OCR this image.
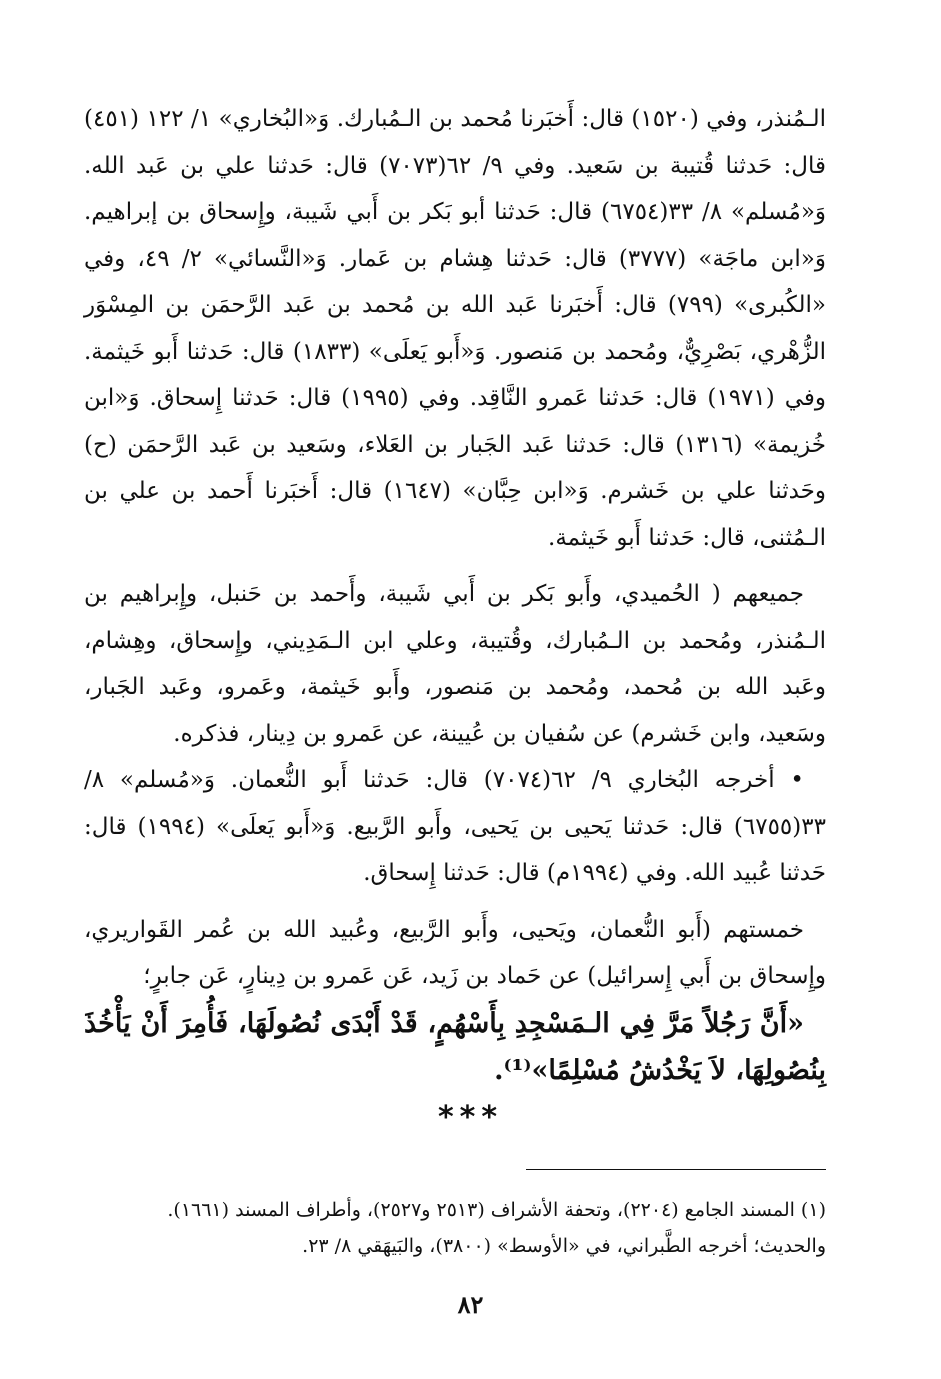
الـمُنذر، وفي (١٥٢٠) قال: أَخبَرنا مُحمد بن الـمُبارك. وَ«البُخاري» ١/ ١٢٢ (٤٥١) قال: حَدثنا قُتيبة بن سَعيد. وفي ٩/ ٦٢(٧٠٧٣) قال: حَدثنا علي بن عَبد الله. وَ«مُسلم» ٨/ ٣٣(٦٧٥٤) قال: حَدثنا أبو بَكر بن أَبي شَيبة، وإِسحاق بن إبراهيم. وَ«ابن ماجَة» (٣٧٧٧) قال: حَدثنا هِشام بن عَمار. وَ«النَّسائي» ٢/ ٤٩، وفي «الكُبرى» (٧٩٩) قال: أَخبَرنا عَبد الله بن مُحمد بن عَبد الرَّحمَن بن المِسْوَر الزُّهْري، بَصْرِيٌّ، ومُحمد بن مَنصور. وَ«أَبو يَعلَى» (١٨٣٣) قال: حَدثنا أَبو خَيثمة. وفي (١٩٧١) قال: حَدثنا عَمرو النَّاقِد. وفي (١٩٩٥) قال: حَدثنا إِسحاق. وَ«ابن خُزيمة» (١٣١٦) قال: حَدثنا عَبد الجَبار بن العَلاء، وسَعيد بن عَبد الرَّحمَن (ح) وحَدثنا علي بن خَشرم. وَ«ابن حِبَّان» (١٦٤٧) قال: أَخبَرنا أَحمد بن علي بن الـمُثنى، قال: حَدثنا أَبو خَيثمة.

جميعهم ( الحُميدي، وأَبو بَكر بن أَبي شَيبة، وأَحمد بن حَنبل، وإِبراهيم بن الـمُنذر، ومُحمد بن الـمُبارك، وقُتيبة، وعلي ابن الـمَدِيني، وإِسحاق، وهِشام، وعَبد الله بن مُحمد، ومُحمد بن مَنصور، وأَبو خَيثمة، وعَمرو، وعَبد الجَبار، وسَعيد، وابن خَشرم) عن سُفيان بن عُيينة، عن عَمرو بن دِينار، فذكره.

• أخرجه البُخاري ٩/ ٦٢(٧٠٧٤) قال: حَدثنا أَبو النُّعمان. وَ«مُسلم» ٨/ ٣٣(٦٧٥٥) قال: حَدثنا يَحيى بن يَحيى، وأَبو الرَّبيع. وَ«أَبو يَعلَى» (١٩٩٤) قال: حَدثنا عُبيد الله. وفي (١٩٩٤م) قال: حَدثنا إِسحاق.

خمستهم (أَبو النُّعمان، ويَحيى، وأَبو الرَّبيع، وعُبيد الله بن عُمر القَواريري، وإِسحاق بن أَبي إِسرائيل) عن حَماد بن زَيد، عَن عَمرو بن دِينارٍ، عَن جابرٍ؛

«أَنَّ رَجُلاً مَرَّ فِي الـمَسْجِدِ بِأَسْهُمٍ، قَدْ أَبْدَى نُصُولَهَا، فَأُمِرَ أَنْ يَأْخُذَ بِنُصُولِهَا، لاَ يَخْدُشُ مُسْلِمًا»⁽¹⁾.

***

(١) المسند الجامع (٢٢٠٤)، وتحفة الأشراف (٢٥١٣ و٢٥٢٧)، وأطراف المسند (١٦٦١).

والحديث؛ أخرجه الطَّبراني، في «الأوسط» (٣٨٠٠)، والبَيهَقي ٨/ ٢٣.

٨٢
